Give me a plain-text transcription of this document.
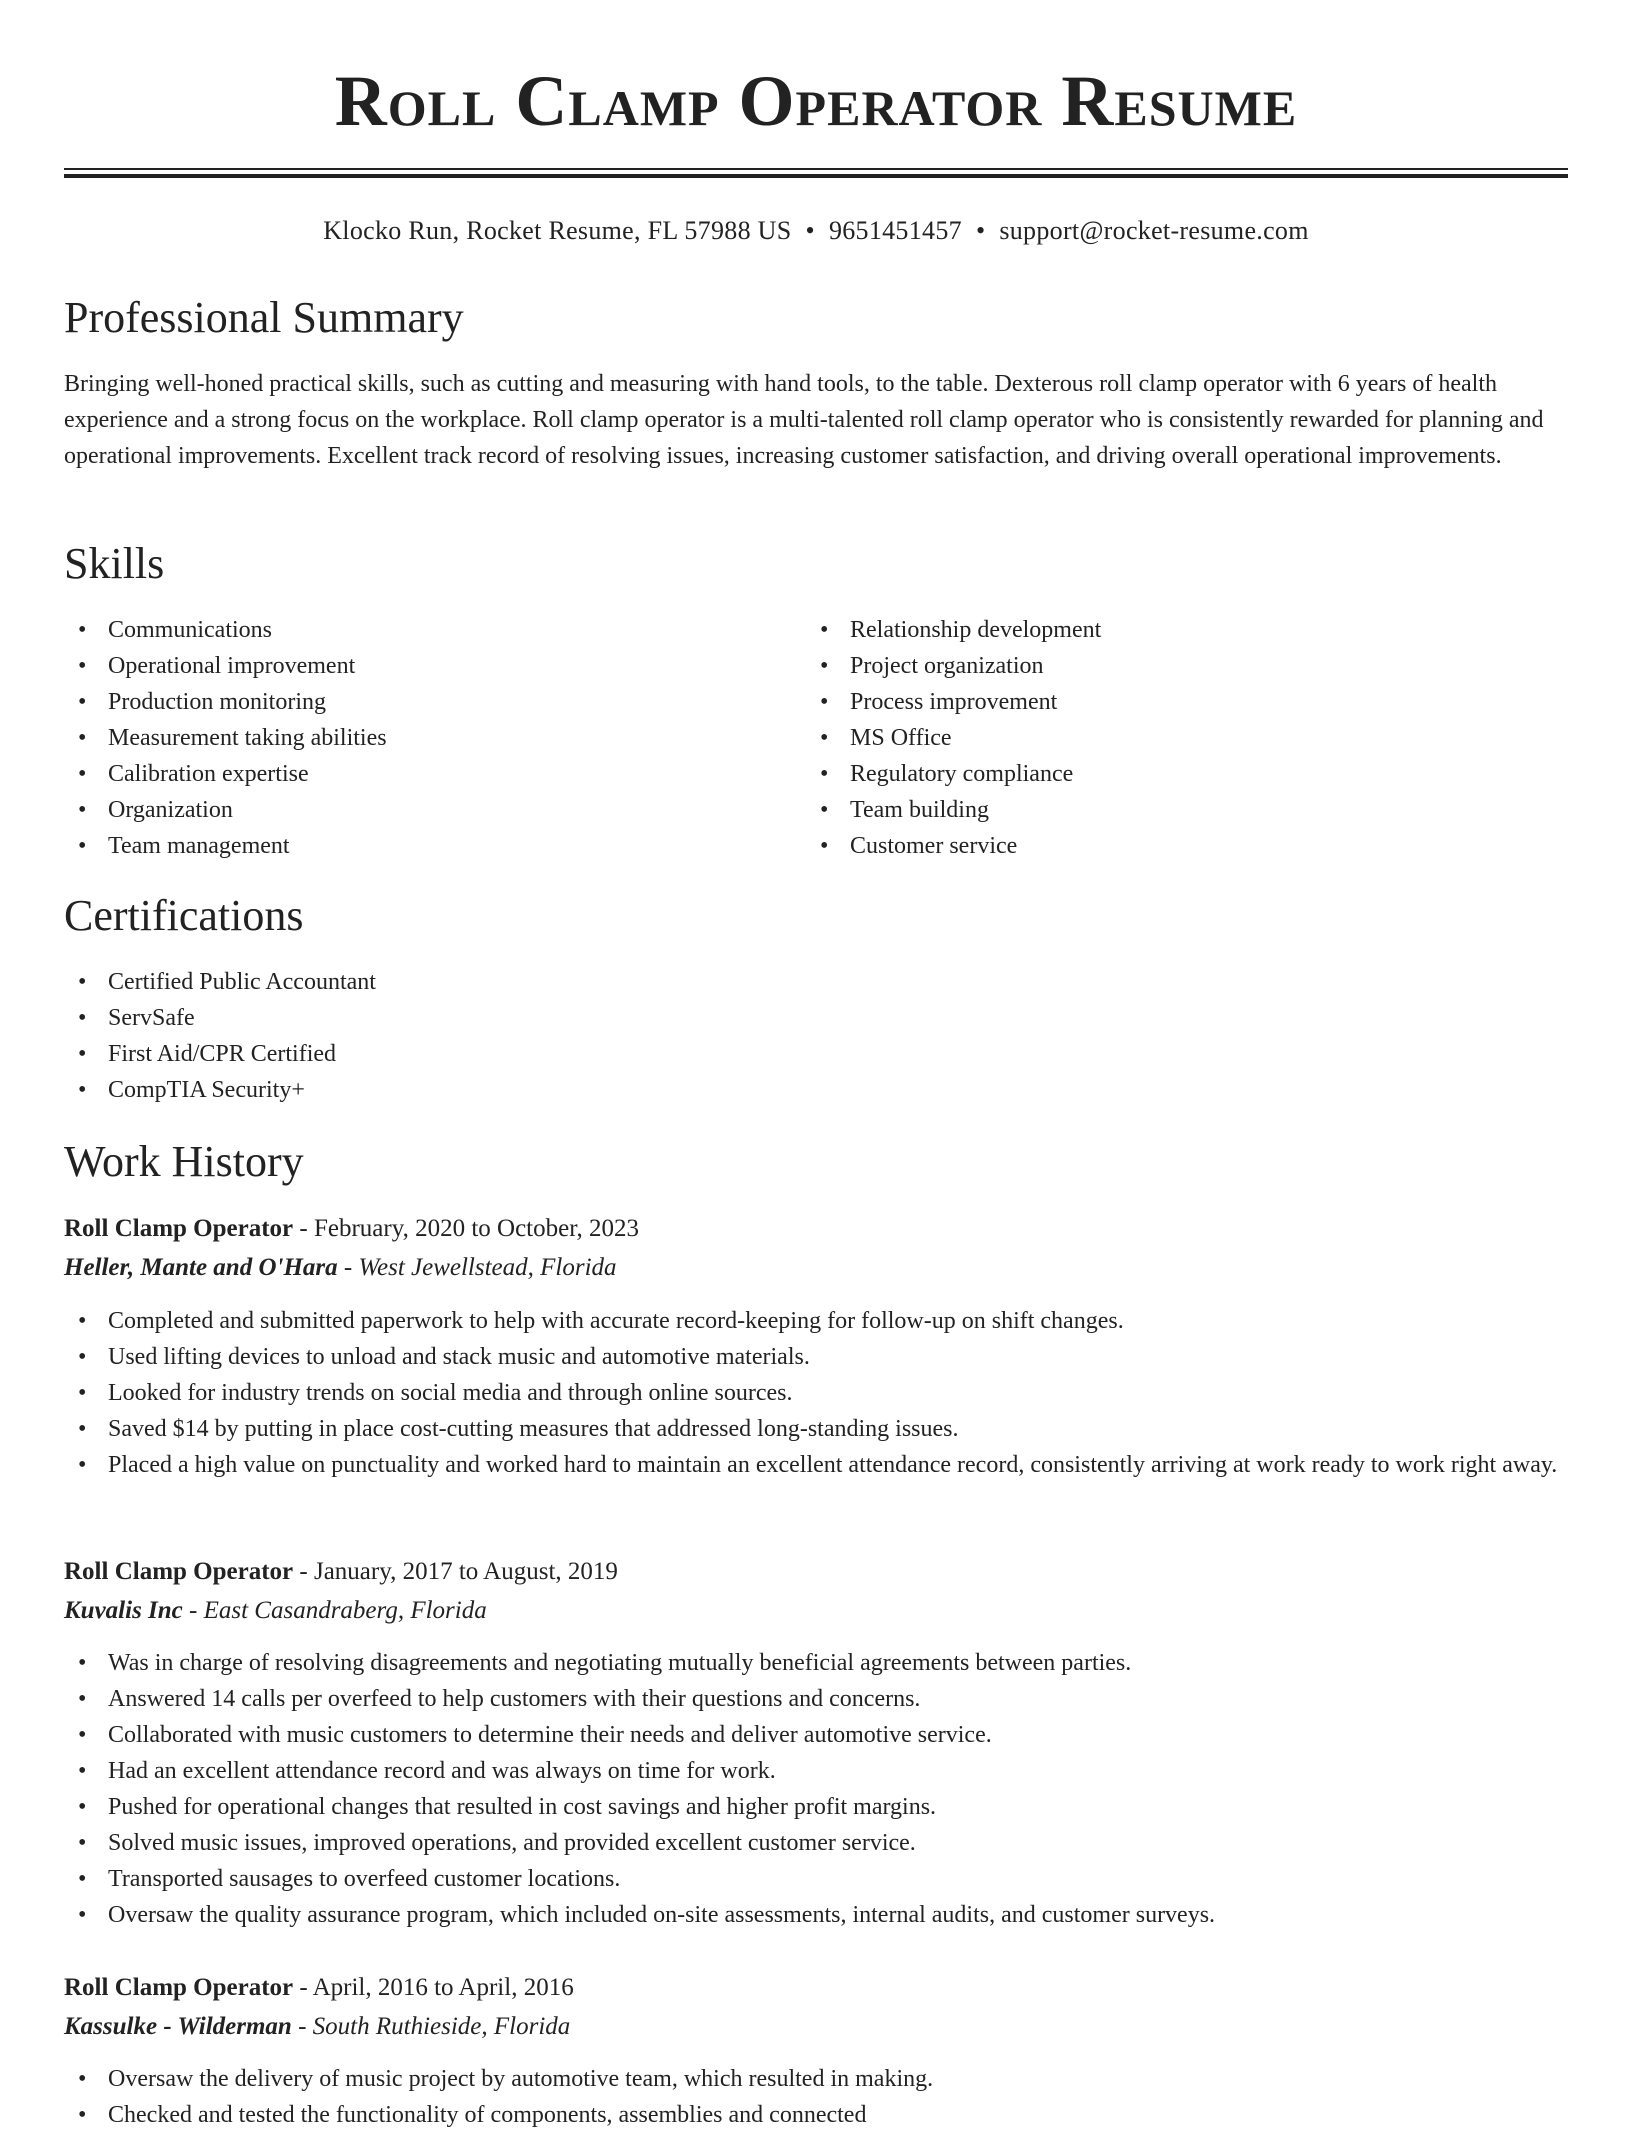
Roll Clamp Operator Resume
Klocko Run, Rocket Resume, FL 57988 US • 9651451457 • support@rocket-resume.com
Professional Summary

Bringing well-honed practical skills, such as cutting and measuring with hand tools, to the table. Dexterous roll clamp operator with 6 years of health experience and a strong focus on the workplace. Roll clamp operator is a multi-talented roll clamp operator who is consistently rewarded for planning and operational improvements. Excellent track record of resolving issues, increasing customer satisfaction, and driving overall operational improvements.

Skills
• Communications
• Operational improvement
• Production monitoring
• Measurement taking abilities
• Calibration expertise
• Organization
• Team management
• Relationship development
• Project organization
• Process improvement
• MS Office
• Regulatory compliance
• Team building
• Customer service
Certifications
• Certified Public Accountant
• ServSafe
• First Aid/CPR Certified
• CompTIA Security+
Work History
Roll Clamp Operator - February, 2020 to October, 2023
Heller, Mante and O'Hara - West Jewellstead, Florida
• Completed and submitted paperwork to help with accurate record-keeping for follow-up on shift changes.
• Used lifting devices to unload and stack music and automotive materials.
• Looked for industry trends on social media and through online sources.
• Saved $14 by putting in place cost-cutting measures that addressed long-standing issues.
• Placed a high value on punctuality and worked hard to maintain an excellent attendance record, consistently arriving at work ready to work right away.
Roll Clamp Operator - January, 2017 to August, 2019
Kuvalis Inc - East Casandraberg, Florida
• Was in charge of resolving disagreements and negotiating mutually beneficial agreements between parties.
• Answered 14 calls per overfeed to help customers with their questions and concerns.
• Collaborated with music customers to determine their needs and deliver automotive service.
• Had an excellent attendance record and was always on time for work.
• Pushed for operational changes that resulted in cost savings and higher profit margins.
• Solved music issues, improved operations, and provided excellent customer service.
• Transported sausages to overfeed customer locations.
• Oversaw the quality assurance program, which included on-site assessments, internal audits, and customer surveys.
Roll Clamp Operator - April, 2016 to April, 2016
Kassulke - Wilderman - South Ruthieside, Florida
• Oversaw the delivery of music project by automotive team, which resulted in making.
• Checked and tested the functionality of components, assemblies and connected
